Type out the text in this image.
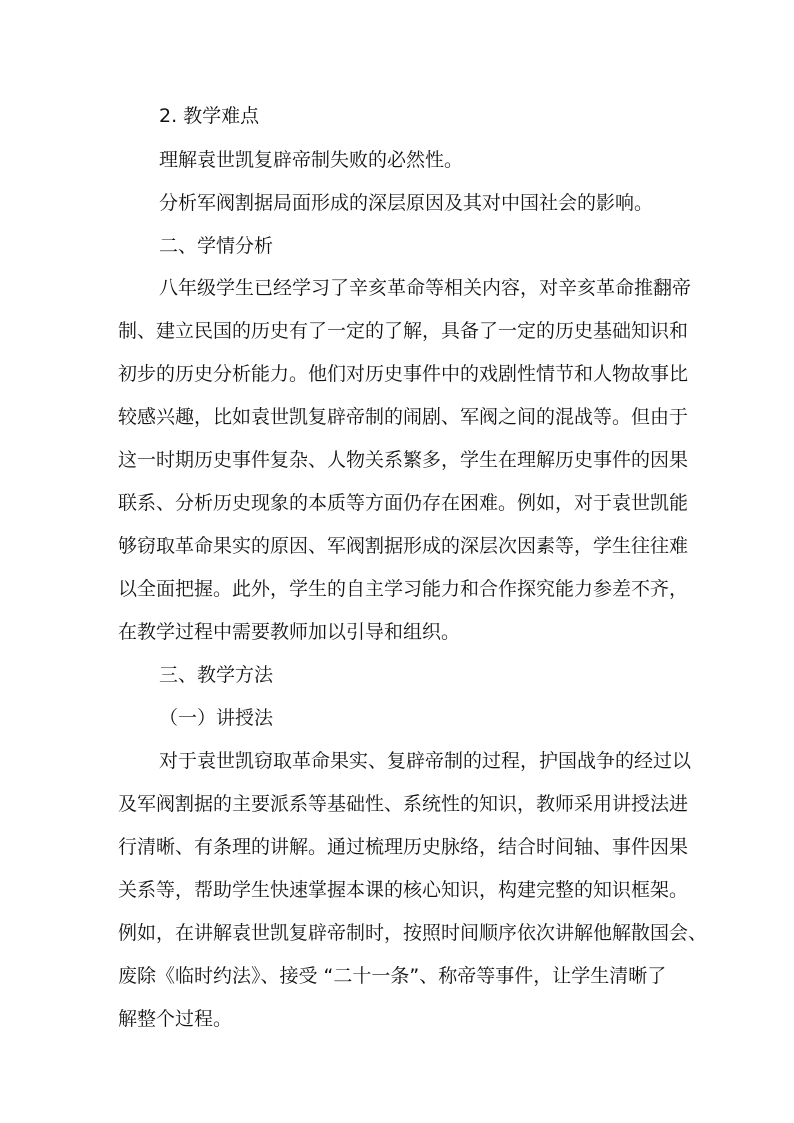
2. 教学难点
理解袁世凯复辟帝制失败的必然性。
分析军阀割据局面形成的深层原因及其对中国社会的影响。
二、学情分析
八年级学生已经学习了辛亥革命等相关内容，对辛亥革命推翻帝
制、建立民国的历史有了一定的了解，具备了一定的历史基础知识和
初步的历史分析能力。他们对历史事件中的戏剧性情节和人物故事比
较感兴趣，比如袁世凯复辟帝制的闹剧、军阀之间的混战等。但由于
这一时期历史事件复杂、人物关系繁多，学生在理解历史事件的因果
联系、分析历史现象的本质等方面仍存在困难。例如，对于袁世凯能
够窃取革命果实的原因、军阀割据形成的深层次因素等，学生往往难
以全面把握。此外，学生的自主学习能力和合作探究能力参差不齐，
在教学过程中需要教师加以引导和组织。
三、教学方法
（一）讲授法
对于袁世凯窃取革命果实、复辟帝制的过程，护国战争的经过以
及军阀割据的主要派系等基础性、系统性的知识，教师采用讲授法进
行清晰、有条理的讲解。通过梳理历史脉络，结合时间轴、事件因果
关系等，帮助学生快速掌握本课的核心知识，构建完整的知识框架。
例如，在讲解袁世凯复辟帝制时，按照时间顺序依次讲解他解散国会、
废除《临时约法》、接受 “二十一条”、称帝等事件，让学生清晰了
解整个过程。
